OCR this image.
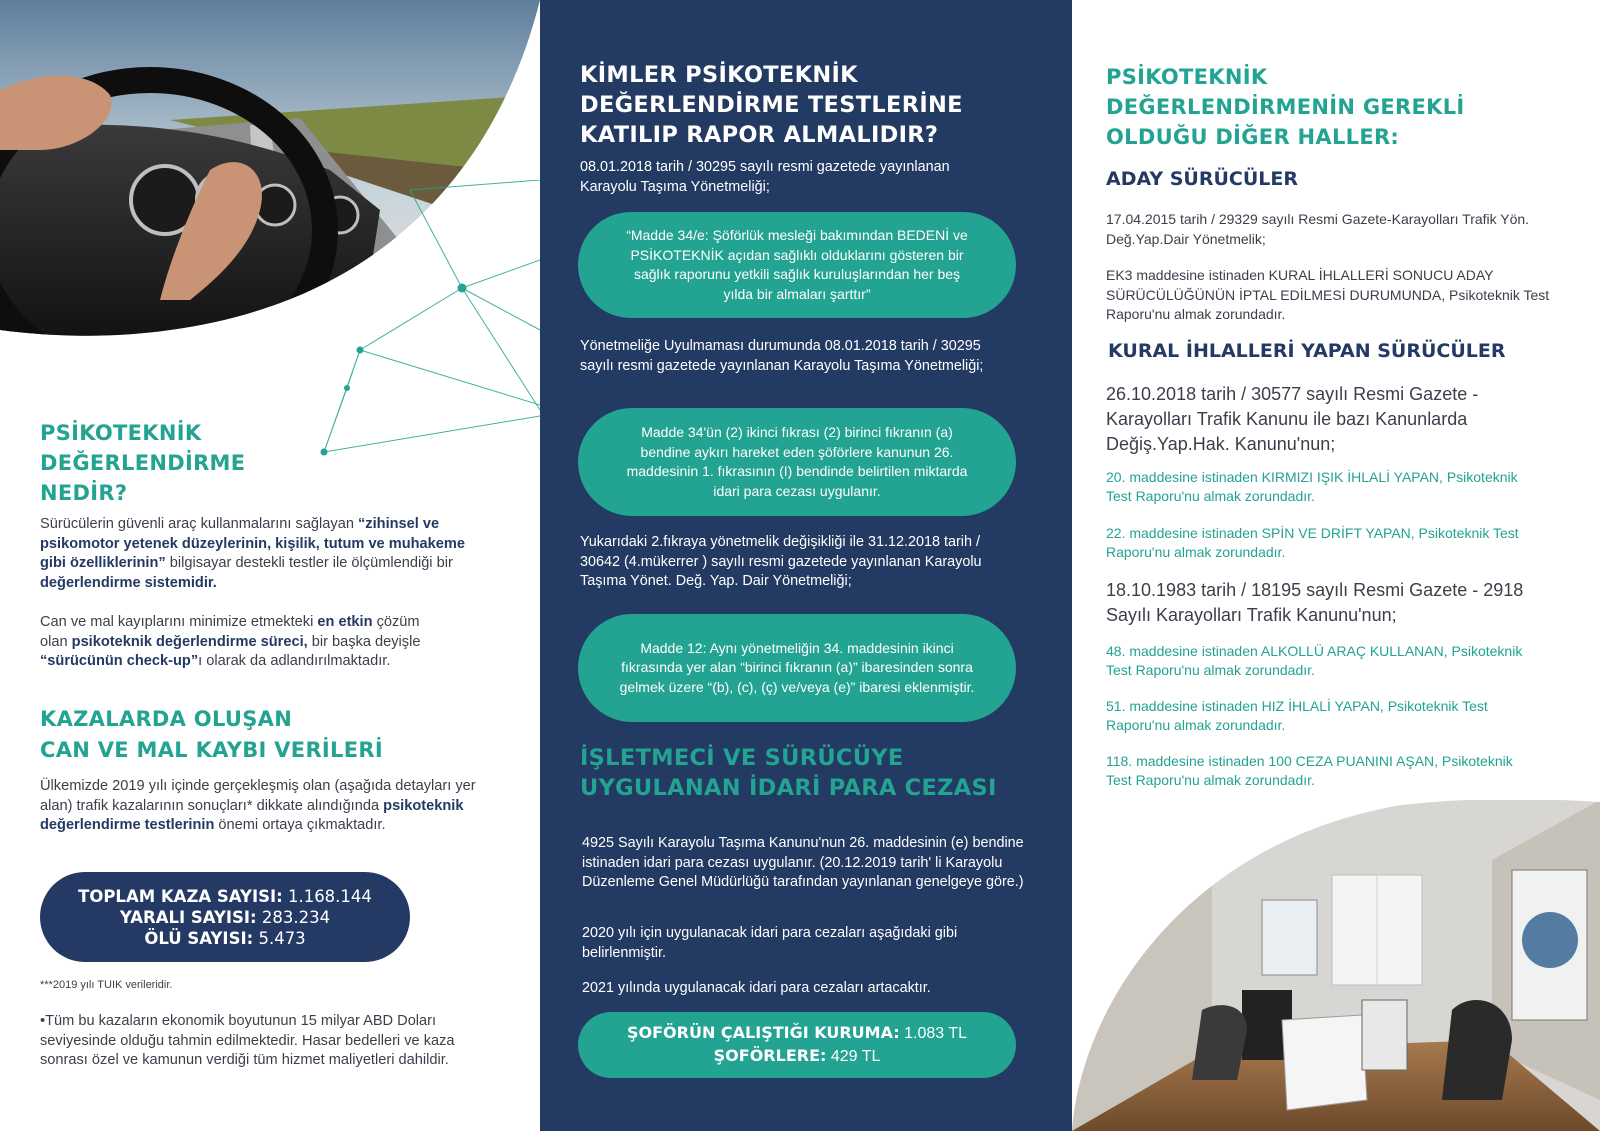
PSİKOTEKNİK
DEĞERLENDİRME
NEDİR?

Sürücülerin güvenli araç kullanmalarını sağlayan “zihinsel ve psikomotor yetenek düzeylerinin, kişilik, tutum ve muhakeme gibi özelliklerinin” bilgisayar destekli testler ile ölçümlendiği bir değerlendirme sistemidir.

Can ve mal kayıplarını minimize etmekteki en etkin çözüm olan psikoteknik değerlendirme süreci, bir başka deyişle “sürücünün check-up”ı olarak da adlandırılmaktadır.

KAZALARDA OLUŞAN
CAN VE MAL KAYBI VERİLERİ

Ülkemizde 2019 yılı içinde gerçekleşmiş olan (aşağıda detayları yer alan) trafik kazalarının sonuçları* dikkate alındığında psikoteknik değerlendirme testlerinin önemi ortaya çıkmaktadır.

TOPLAM KAZA SAYISI: 1.168.144
YARALI SAYISI: 283.234
ÖLÜ SAYISI: 5.473

***2019 yılı TUIK verileridir.

•Tüm bu kazaların ekonomik boyutunun 15 milyar ABD Doları seviyesinde olduğu tahmin edilmektedir. Hasar bedelleri ve kaza sonrası özel ve kamunun verdiği tüm hizmet maliyetleri dahildir.

KİMLER PSİKOTEKNİK
DEĞERLENDİRME TESTLERİNE
KATILIP RAPOR ALMALIDIR?

08.01.2018 tarih / 30295 sayılı resmi gazetede yayınlanan Karayolu Taşıma Yönetmeliği;

“Madde 34/e: Şöförlük mesleği bakımından BEDENİ ve PSİKOTEKNİK açıdan sağlıklı olduklarını gösteren bir sağlık raporunu yetkili sağlık kuruluşlarından her beş yılda bir almaları şarttır”

Yönetmeliğe Uyulmaması durumunda 08.01.2018 tarih / 30295 sayılı resmi gazetede yayınlanan Karayolu Taşıma Yönetmeliği;

Madde 34'ün (2) ikinci fıkrası (2) birinci fıkranın (a) bendine aykırı hareket eden şöförlere kanunun 26. maddesinin 1. fıkrasının (I) bendinde belirtilen miktarda idari para cezası uygulanır.

Yukarıdaki 2.fıkraya yönetmelik değişikliği ile 31.12.2018 tarih / 30642 (4.mükerrer ) sayılı resmi gazetede yayınlanan Karayolu Taşıma Yönet. Değ. Yap. Dair Yönetmeliği;

Madde 12: Aynı yönetmeliğin 34. maddesinin ikinci fıkrasında yer alan “birinci fıkranın (a)” ibaresinden sonra gelmek üzere “(b), (c), (ç) ve/veya (e)” ibaresi eklenmiştir.
İŞLETMECİ VE SÜRÜCÜYE
UYGULANAN İDARİ PARA CEZASI

4925 Sayılı Karayolu Taşıma Kanunu'nun 26. maddesinin (e) bendine istinaden idari para cezası uygulanır. (20.12.2019 tarih' li Karayolu Düzenleme Genel Müdürlüğü tarafından yayınlanan genelgeye göre.)

2020 yılı için uygulanacak idari para cezaları aşağıdaki gibi belirlenmiştir.

2021 yılında uygulanacak idari para cezaları artacaktır.

ŞOFÖRÜN ÇALIŞTIĞI KURUMA: 1.083 TL
ŞOFÖRLERE: 429 TL
PSİKOTEKNİK
DEĞERLENDİRMENİN GEREKLİ
OLDUĞU DİĞER HALLER:
ADAY SÜRÜCÜLER

17.04.2015 tarih / 29329 sayılı Resmi Gazete-Karayolları Trafik Yön. Değ.Yap.Dair Yönetmelik;

EK3 maddesine istinaden KURAL İHLALLERİ SONUCU ADAY SÜRÜCÜLÜĞÜNÜN İPTAL EDİLMESİ DURUMUNDA, Psikoteknik Test Raporu'nu almak zorundadır.

KURAL İHLALLERİ YAPAN SÜRÜCÜLER

26.10.2018 tarih / 30577 sayılı Resmi Gazete - Karayolları Trafik Kanunu ile bazı Kanunlarda Değiş.Yap.Hak. Kanunu'nun;

20. maddesine istinaden KIRMIZI IŞIK İHLALİ YAPAN, Psikoteknik Test Raporu'nu almak zorundadır.

22. maddesine istinaden SPİN VE DRİFT YAPAN, Psikoteknik Test Raporu'nu almak zorundadır.

18.10.1983 tarih / 18195 sayılı Resmi Gazete - 2918 Sayılı Karayolları Trafik Kanunu'nun;

48. maddesine istinaden ALKOLLÜ ARAÇ KULLANAN, Psikoteknik Test Raporu'nu almak zorundadır.

51. maddesine istinaden HIZ İHLALİ YAPAN, Psikoteknik Test Raporu'nu almak zorundadır.

118. maddesine istinaden 100 CEZA PUANINI AŞAN, Psikoteknik Test Raporu'nu almak zorundadır.
